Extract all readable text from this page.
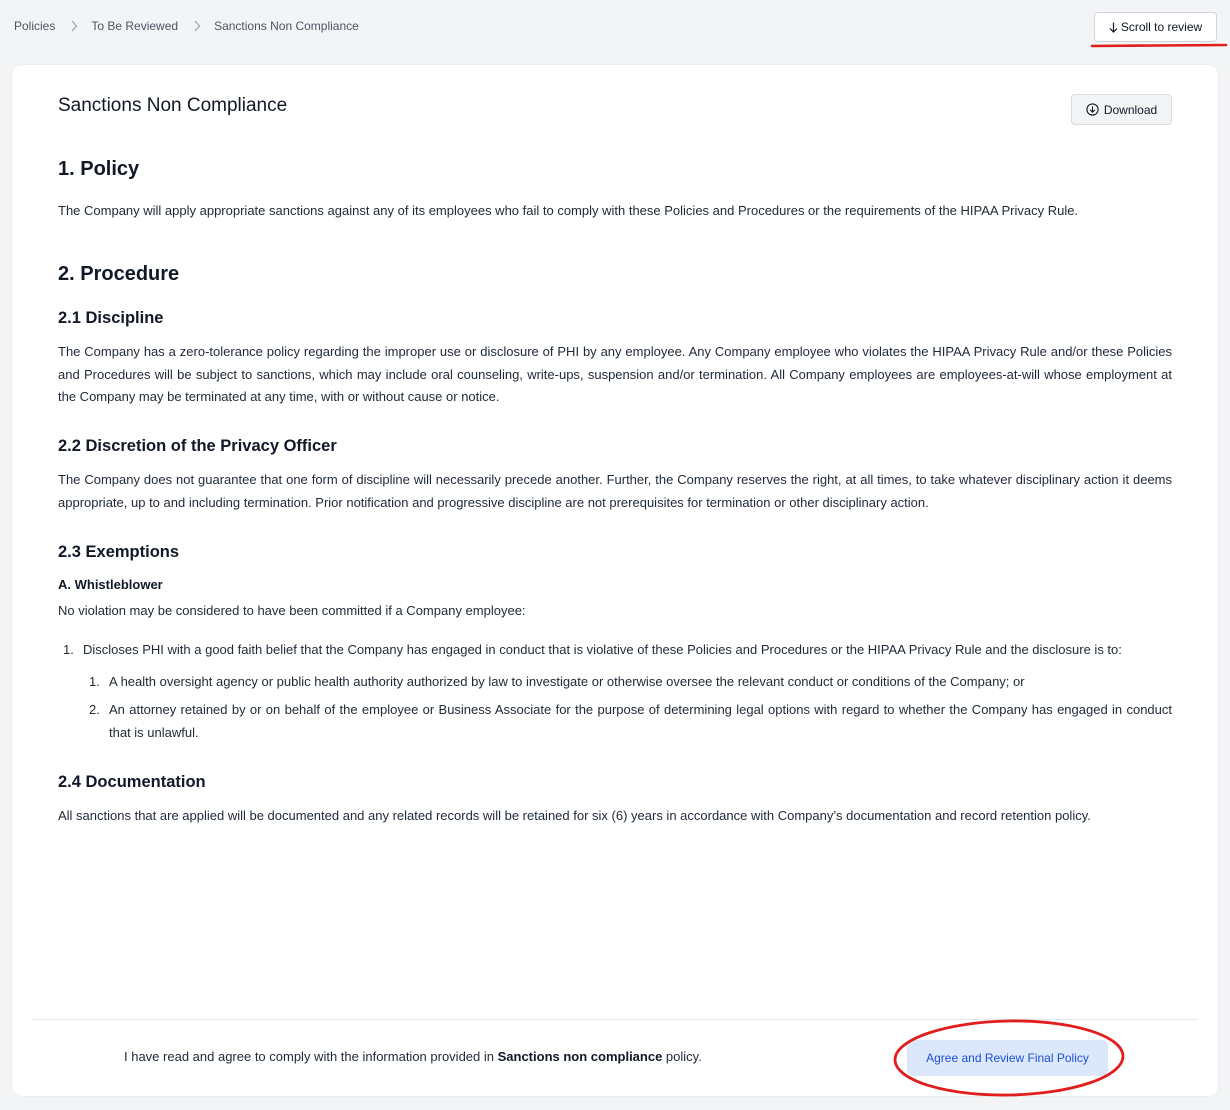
Policies	To Be Reviewed	Sanctions Non Compliance	Scroll to review
Sanctions Non Compliance	Download
1. Policy
The Company will apply appropriate sanctions against any of its employees who fail to comply with these Policies and Procedures or the requirements of the HIPAA Privacy Rule.
2. Procedure
2.1 Discipline
The Company has a zero-tolerance policy regarding the improper use or disclosure of PHI by any employee. Any Company employee who violates the HIPAA Privacy Rule and/or these Policies and Procedures will be subject to sanctions, which may include oral counseling, write-ups, suspension and/or termination. All Company employees are employees-at-will whose employment at the Company may be terminated at any time, with or without cause or notice.
2.2 Discretion of the Privacy Officer
The Company does not guarantee that one form of discipline will necessarily precede another. Further, the Company reserves the right, at all times, to take whatever disciplinary action it deems appropriate, up to and including termination. Prior notification and progressive discipline are not prerequisites for termination or other disciplinary action.
2.3 Exemptions
A. Whistleblower
No violation may be considered to have been committed if a Company employee:
1. Discloses PHI with a good faith belief that the Company has engaged in conduct that is violative of these Policies and Procedures or the HIPAA Privacy Rule and the disclosure is to:
1. A health oversight agency or public health authority authorized by law to investigate or otherwise oversee the relevant conduct or conditions of the Company; or
2. An attorney retained by or on behalf of the employee or Business Associate for the purpose of determining legal options with regard to whether the Company has engaged in conduct that is unlawful.
2.4 Documentation
All sanctions that are applied will be documented and any related records will be retained for six (6) years in accordance with Company’s documentation and record retention policy.
I have read and agree to comply with the information provided in Sanctions non compliance policy.	Agree and Review Final Policy
